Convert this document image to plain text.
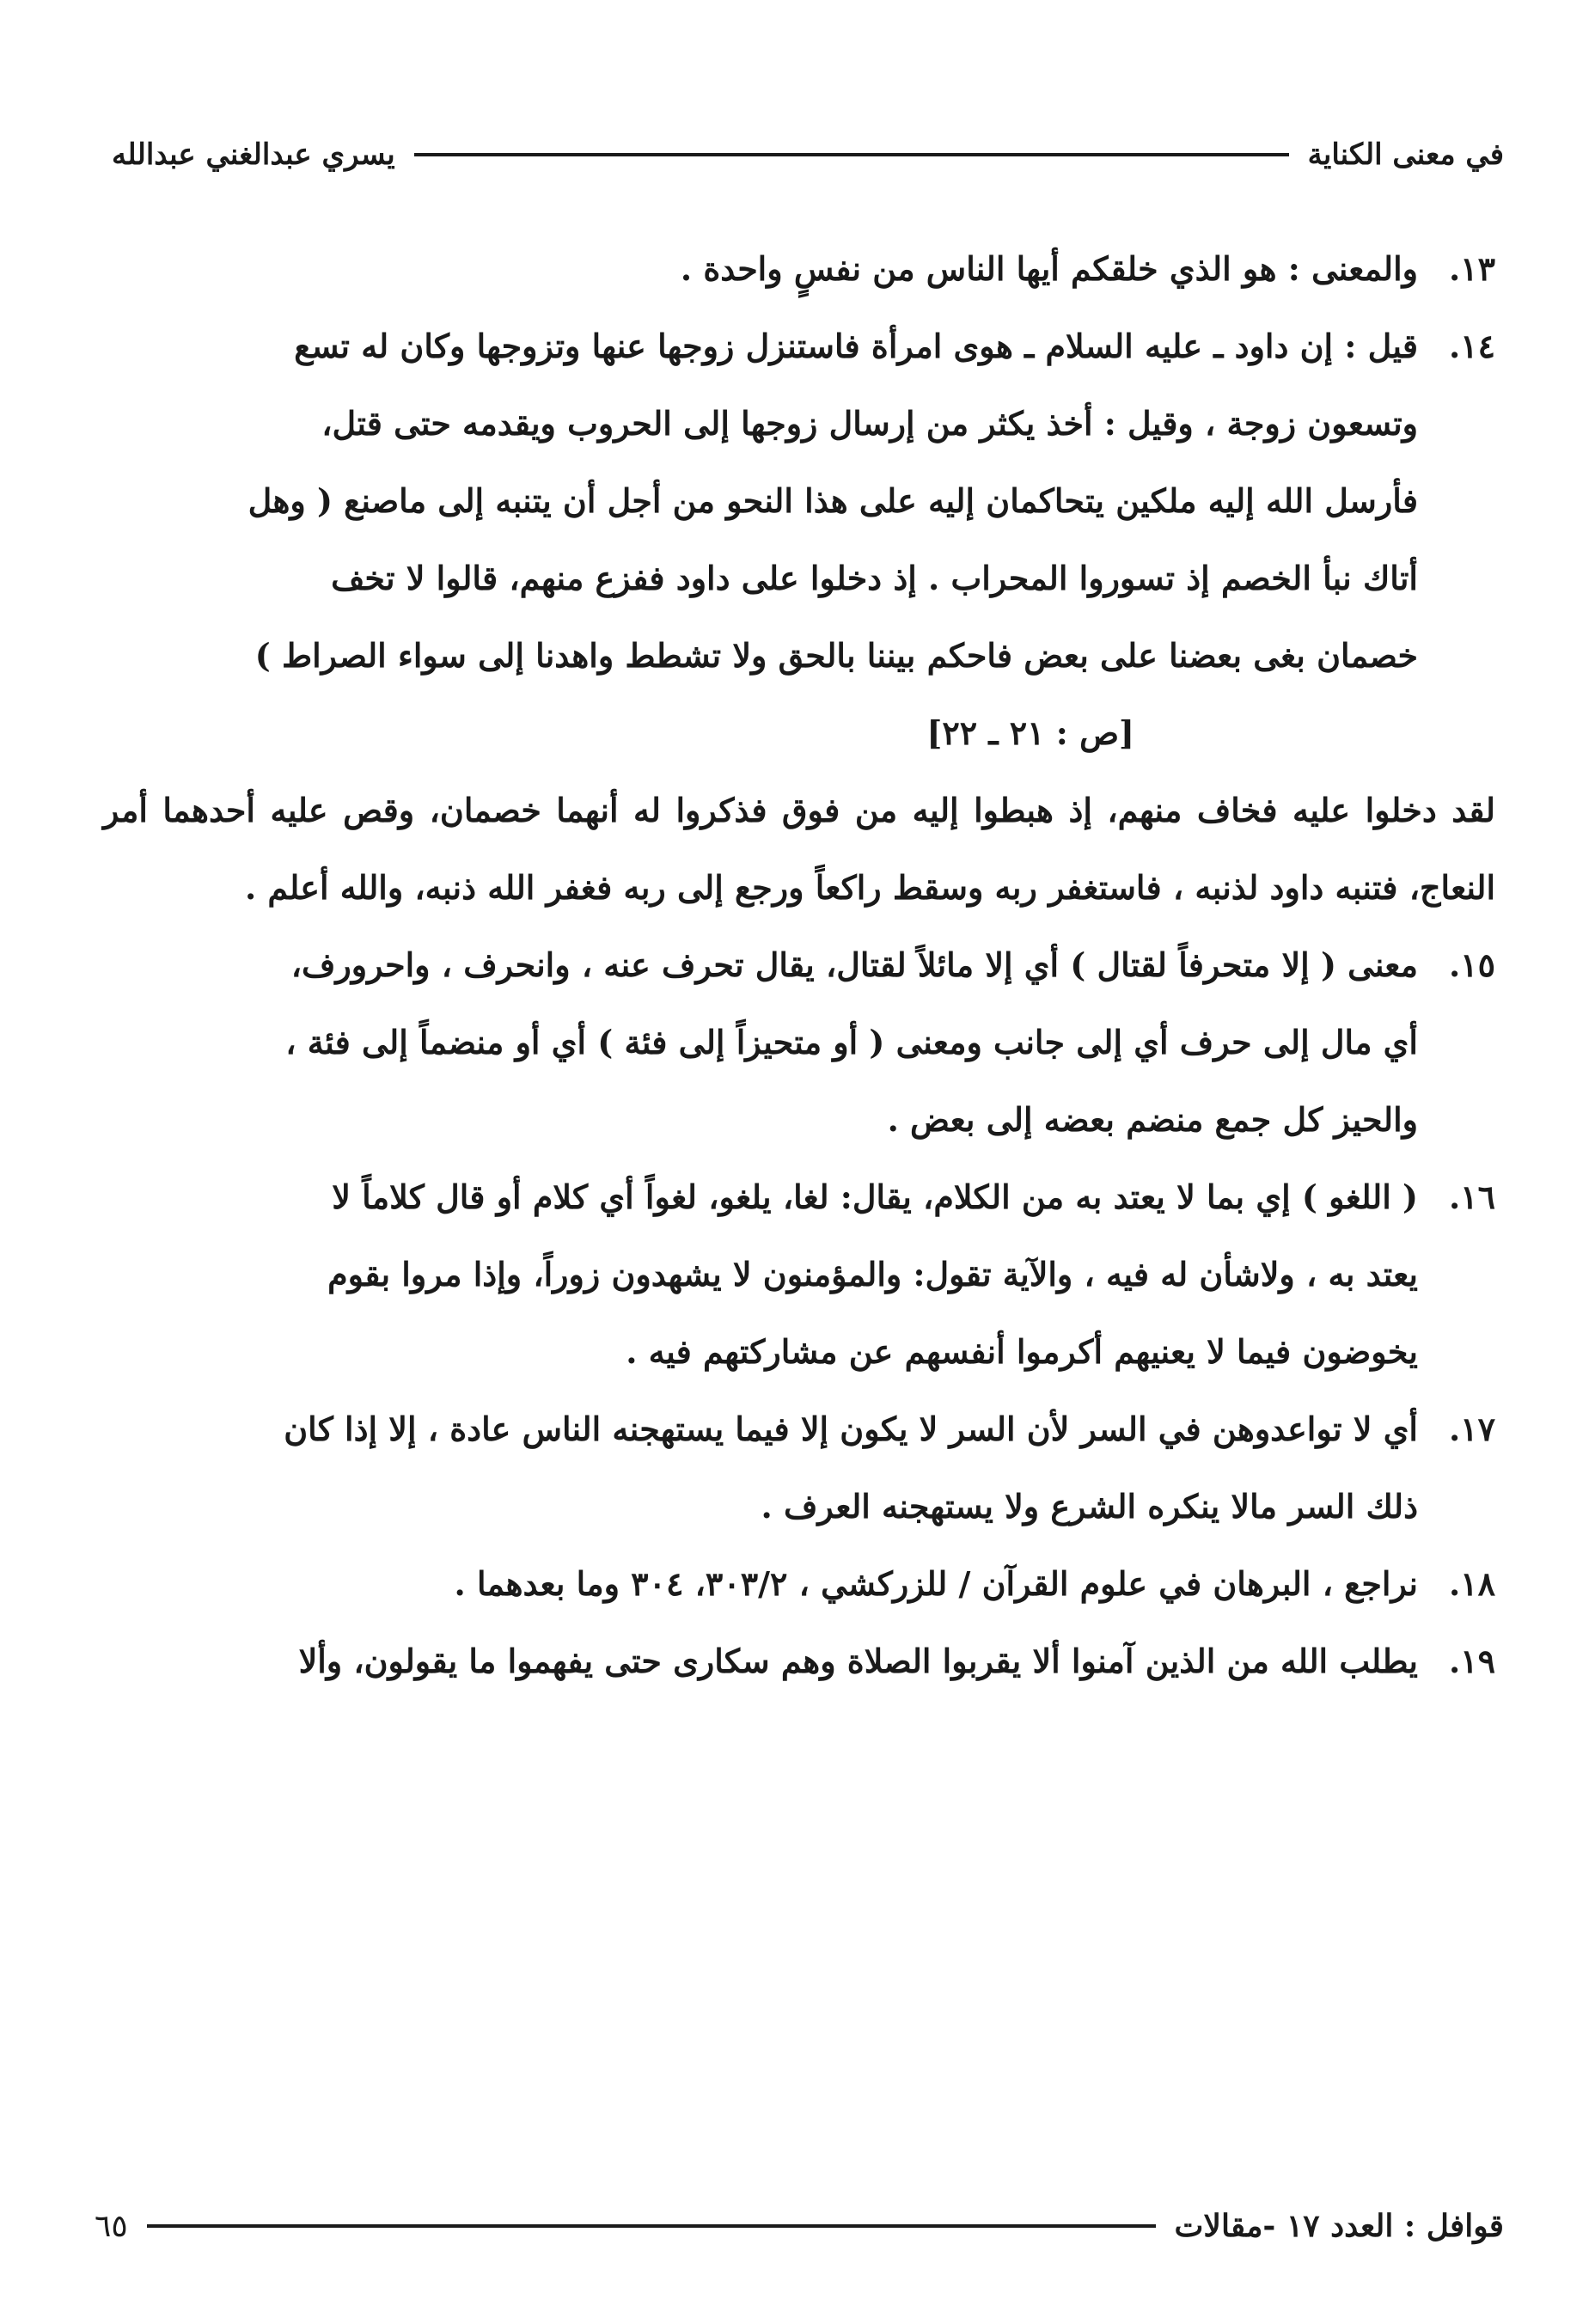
في معنى الكناية
يسري عبدالغني عبدالله
١٣.
والمعنى : هو الذي خلقكم أيها الناس من نفسٍ واحدة .
١٤.
قيل : إن داود ـ عليه السلام ـ هوى امرأة فاستنزل زوجها عنها وتزوجها وكان له تسع
وتسعون زوجة ، وقيل : أخذ يكثر من إرسال زوجها إلى الحروب ويقدمه حتى قتل،
فأرسل الله إليه ملكين يتحاكمان إليه على هذا النحو من أجل أن يتنبه إلى ماصنع ( وهل
أتاك نبأ الخصم إذ تسوروا المحراب . إذ دخلوا على داود ففزع منهم، قالوا لا تخف
خصمان بغى بعضنا على بعض فاحكم بيننا بالحق ولا تشطط واهدنا إلى سواء الصراط )
[ص : ٢١ ـ ٢٢]

لقد دخلوا عليه فخاف منهم، إذ هبطوا إليه من فوق فذكروا له أنهما خصمان، وقص عليه أحدهما أمر النعاج، فتنبه داود لذنبه ، فاستغفر ربه وسقط راكعاً ورجع إلى ربه فغفر الله ذنبه، والله أعلم .

١٥.
معنى ( إلا متحرفاً لقتال ) أي إلا مائلاً لقتال، يقال تحرف عنه ، وانحرف ، واحرورف،
أي مال إلى حرف أي إلى جانب ومعنى ( أو متحيزاً إلى فئة ) أي أو منضماً إلى فئة ،
والحيز كل جمع منضم بعضه إلى بعض .
١٦.
( اللغو ) إي بما لا يعتد به من الكلام، يقال: لغا، يلغو، لغواً أي كلام أو قال كلاماً لا
يعتد به ، ولاشأن له فيه ، والآية تقول: والمؤمنون لا يشهدون زوراً، وإذا مروا بقوم
يخوضون فيما لا يعنيهم أكرموا أنفسهم عن مشاركتهم فيه .
١٧.
أي لا تواعدوهن في السر لأن السر لا يكون إلا فيما يستهجنه الناس عادة ، إلا إذا كان
ذلك السر مالا ينكره الشرع ولا يستهجنه العرف .
١٨.
نراجع ، البرهان في علوم القرآن / للزركشي ، ٣٠٣/٢، ٣٠٤ وما بعدهما .
١٩.
يطلب الله من الذين آمنوا ألا يقربوا الصلاة وهم سكارى حتى يفهموا ما يقولون، وألا
قوافل

: العدد ١٧ -مقالات
٦٥
